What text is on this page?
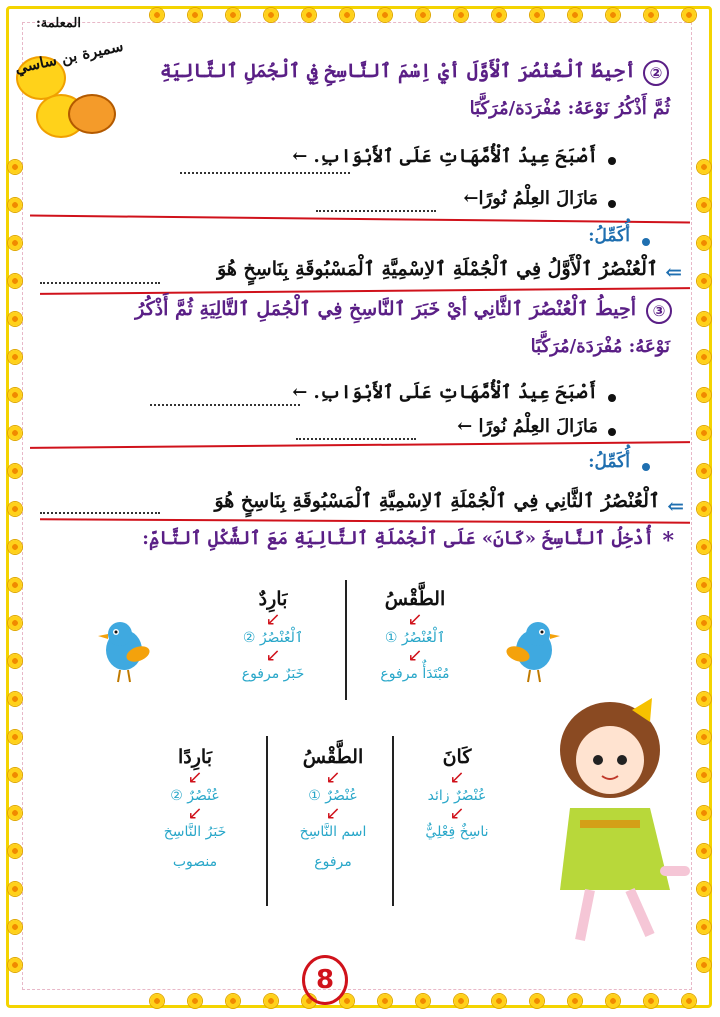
المعلمة:
سميرة بن ساسي	②
أحِيطُ ٱلْعُنْصُرَ ٱلْأَوَّلَ أيْ اِسْمَ ٱلنَّاسِخِ فِي ٱلْجُمَلِ ٱلتَّالِيَةِ
ثُمَّ أَذْكُرُ نَوْعَهُ: مُفْرَدَة/مُرَكَّبًا
أَصْبَحَ عِيدُ ٱلْأُمَّهَاتِ عَلَى ٱلأَبْوَابِ. ←
مَازَالَ العِلْمُ نُورًا←
أُكَمِّلُ:
⇐
ٱلْعُنْصُرُ ٱلْأَوَّلُ فِي ٱلْجُمْلَةِ ٱلاِسْمِيَّةِ ٱلْمَسْبُوقَةِ بِنَاسِخٍ هُوَ
③
أحِيطُ ٱلْعُنْصُرَ ٱلثَّانِي أيْ خَبَرَ ٱلنَّاسِخِ فِي ٱلْجُمَلِ ٱلتَّالِيَةِ ثُمَّ أَذْكُرُ
نَوْعَهُ: مُفْرَدَة/مُرَكَّبًا
أَصْبَحَ عِيدُ ٱلْأُمَّهَاتِ عَلَى ٱلأَبْوَابِ. ←
مَازَالَ العِلْمُ نُورًا ←
أُكَمِّلُ:
⇐
ٱلْعُنْصُرُ ٱلثَّانِي فِي ٱلْجُمْلَةِ ٱلاِسْمِيَّةِ ٱلْمَسْبُوقَةِ بِنَاسِخٍ هُوَ
*
أُدْخِلُ ٱلنَّاسِخَ «كَانَ» عَلَى ٱلْجُمْلَةِ ٱلتَّالِيَةِ مَعَ ٱلشَّكْلِ ٱلتَّامِّ:
الطَّقْسُ
↙
ٱلْعُنْصُرُ ①
↙
مُبْتَدَأٌ مرفوع
بَارِدٌ
↙
ٱلْعُنْصُرُ ②
↙
خَبَرٌ مرفوع
كَانَ
↙
عُنْصُرٌ زائد
↙
ناسِخٌ فِعْلِيٌّ
الطَّقْسُ
↙
عُنْصُرٌ ①
↙
اسم النَّاسِخ
مرفوع
بَارِدًا
↙
عُنْصُرٌ ②
↙
خَبَرُ النَّاسِخ
منصوب
8
